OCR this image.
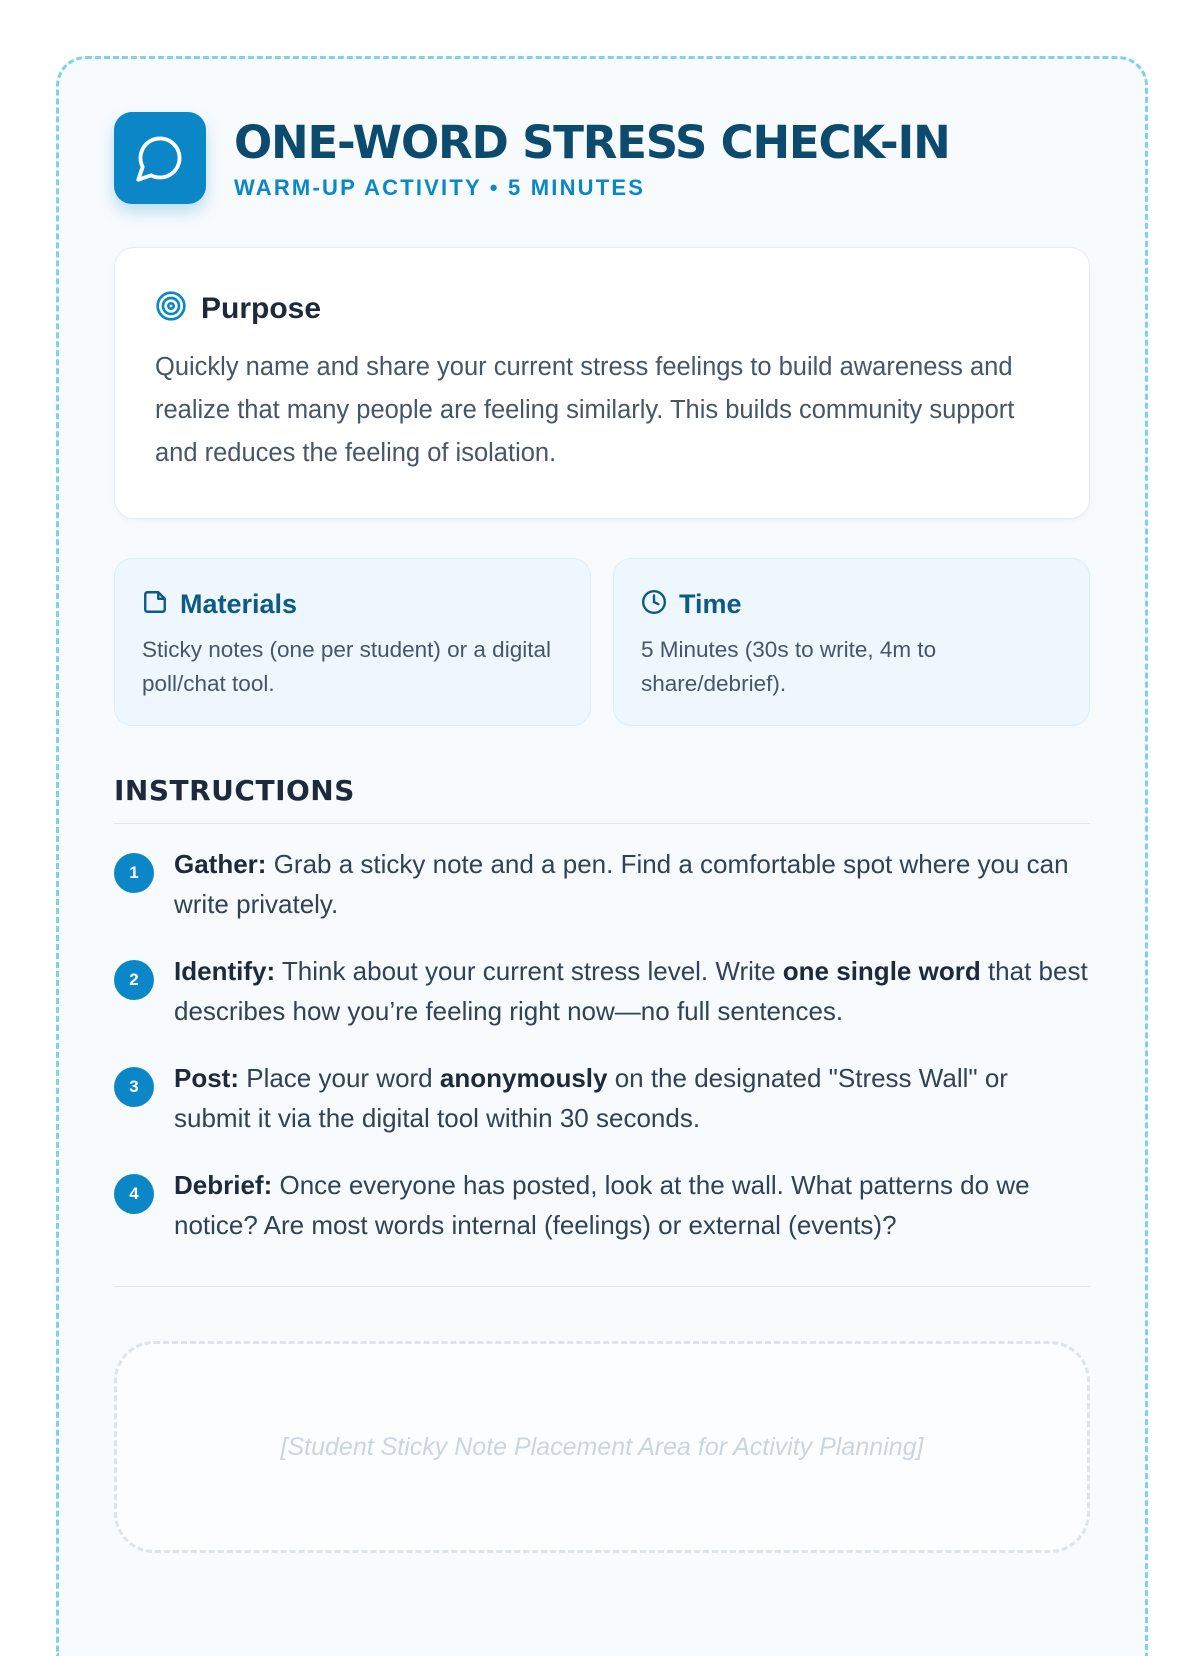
ONE-WORD STRESS CHECK-IN
WARM-UP ACTIVITY • 5 MINUTES
Purpose
Quickly name and share your current stress feelings to build awareness and realize that many people are feeling similarly. This builds community support and reduces the feeling of isolation.
Materials
Sticky notes (one per student) or a digital poll/chat tool.
Time
5 Minutes (30s to write, 4m to share/debrief).
INSTRUCTIONS
1	Gather: Grab a sticky note and a pen. Find a comfortable spot where you can write privately.
2	Identify: Think about your current stress level. Write one single word that best describes how you’re feeling right now—no full sentences.
3	Post: Place your word anonymously on the designated "Stress Wall" or submit it via the digital tool within 30 seconds.
4	Debrief: Once everyone has posted, look at the wall. What patterns do we notice? Are most words internal (feelings) or external (events)?
[Student Sticky Note Placement Area for Activity Planning]
